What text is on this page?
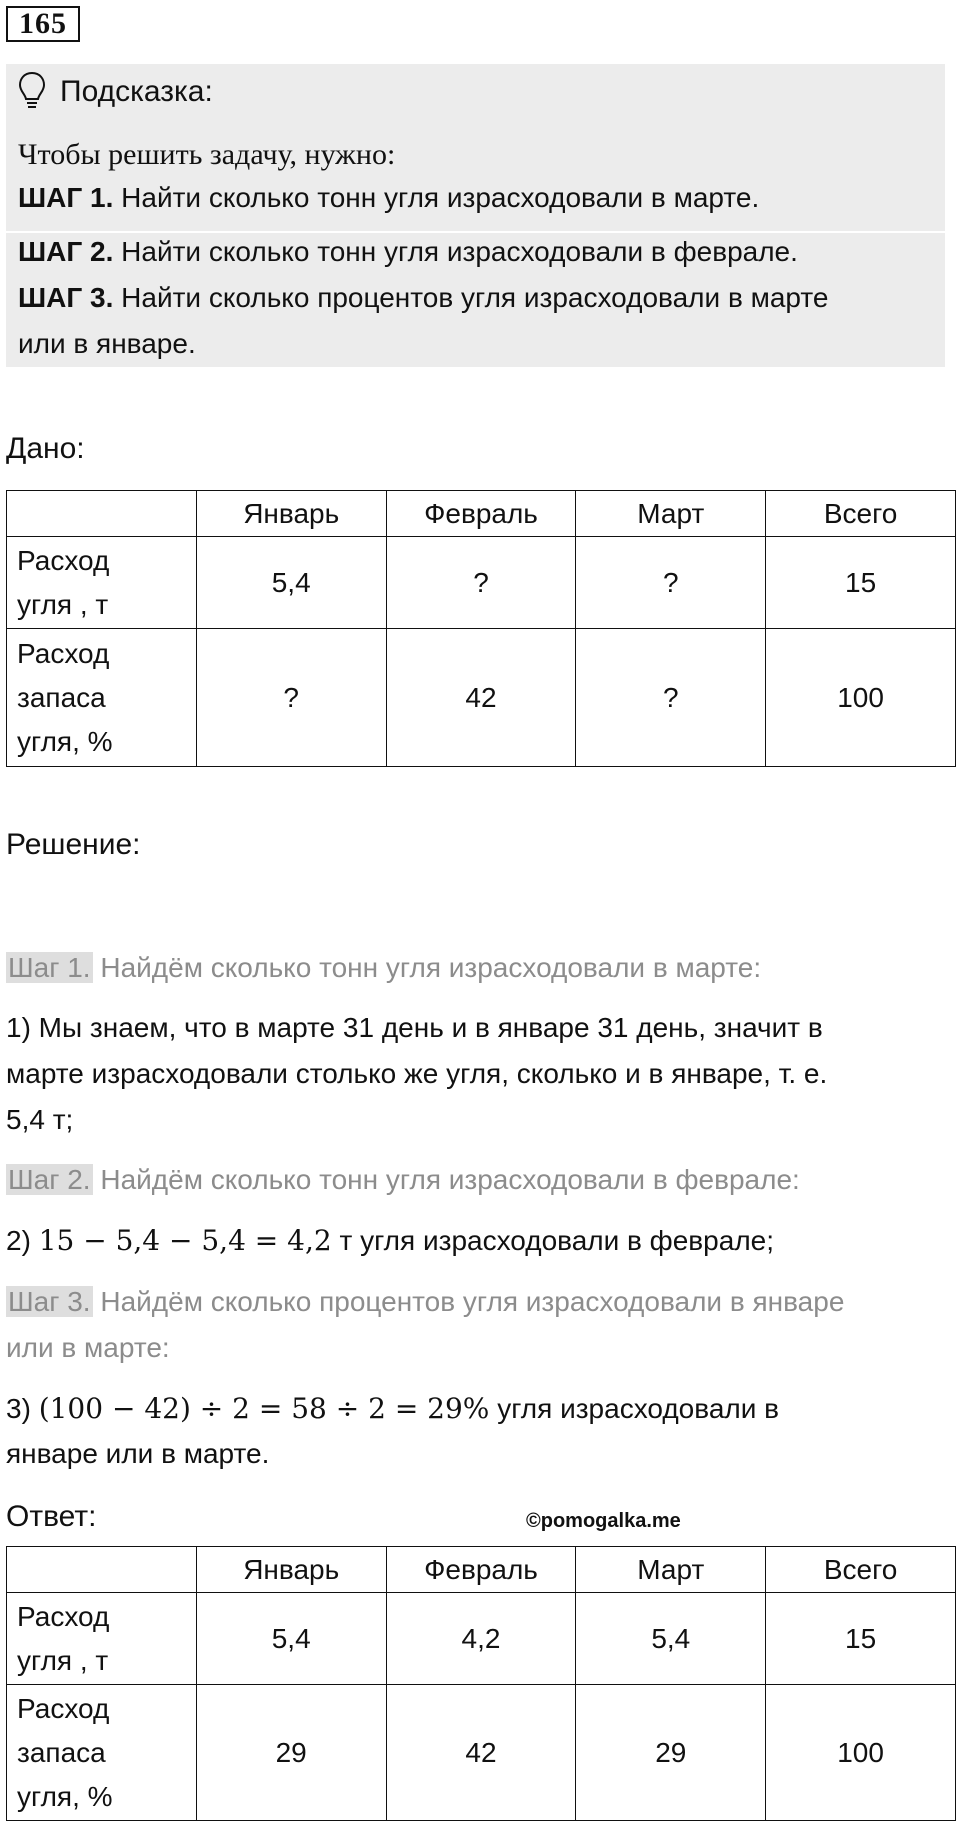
165
Подсказка:
Чтобы решить задачу, нужно:
ШАГ 1. Найти сколько тонн угля израсходовали в марте.
ШАГ 2. Найти сколько тонн угля израсходовали в феврале.
ШАГ 3. Найти сколько процентов угля израсходовали в марте
или в январе.
Дано:
	Январь	Февраль	Март	Всего

Расход
угля , т	5,4	?	?	15

Расход
запаса
угля, %	?	42	?	100
Решение:
Шаг 1. Найдём сколько тонн угля израсходовали в марте:
1) Мы знаем, что в марте 31 день и в январе 31 день, значит в
марте израсходовали столько же угля, сколько и в январе, т. е.
5,4 т;
Шаг 2. Найдём сколько тонн угля израсходовали в феврале:
2) 15 − 5,4 − 5,4 = 4,2 т угля израсходовали в феврале;
Шаг 3. Найдём сколько процентов угля израсходовали в январе
или в марте:
3) (100 − 42) ÷ 2 = 58 ÷ 2 = 29% угля израсходовали в
январе или в марте.
Ответ:	©pomogalka.me
	Январь	Февраль	Март	Всего

Расход
угля , т	5,4	4,2	5,4	15

Расход
запаса
угля, %	29	42	29	100
